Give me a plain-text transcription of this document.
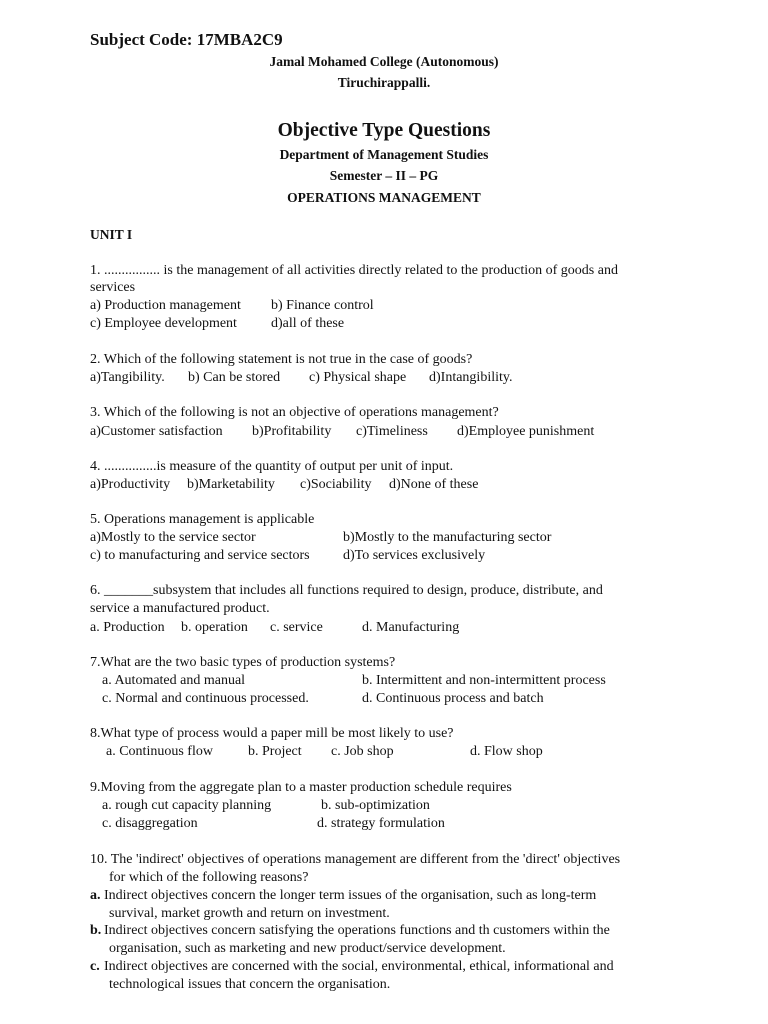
Subject Code: 17MBA2C9
Jamal Mohamed College (Autonomous)
Tiruchirappalli.
Objective Type Questions
Department of Management Studies
Semester – II – PG
OPERATIONS MANAGEMENT
UNIT I
1. ................ is the management of all activities directly related to the production of goods and
services
a) Production management b) Finance control
c) Employee development d)all of these
2. Which of the following statement is not true in the case of goods?
a)Tangibility. b) Can be stored c) Physical shape d)Intangibility.
3. Which of the following is not an objective of operations management?
a)Customer satisfaction b)Profitability c)Timeliness d)Employee punishment
4. ...............is measure of the quantity of output per unit of input.
a)Productivity b)Marketability c)Sociability d)None of these
5. Operations management is applicable
a)Mostly to the service sector	b)Mostly to the manufacturing sector
c) to manufacturing and service sectors d)To services exclusively
6. _______subsystem that includes all functions required to design, produce, distribute, and
service a manufactured product.
a. Production b. operation c. service	d. Manufacturing
7.What are the two basic types of production systems?
a. Automated and manual	b. Intermittent and non-intermittent process
c. Normal and continuous processed.	d. Continuous process and batch
8.What type of process would a paper mill be most likely to use?
a. Continuous flow	b. Project c. Job shop	d. Flow shop
9.Moving from the aggregate plan to a master production schedule requires
a. rough cut capacity planning	b. sub-optimization
c. disaggregation	d. strategy formulation
10. The 'indirect' objectives of operations management are different from the 'direct' objectives
for which of the following reasons?
a. Indirect objectives concern the longer term issues of the organisation, such as long-term
survival, market growth and return on investment.
b. Indirect objectives concern satisfying the operations functions and th customers within the
organisation, such as marketing and new product/service development.
c. Indirect objectives are concerned with the social, environmental, ethical, informational and
technological issues that concern the organisation.
